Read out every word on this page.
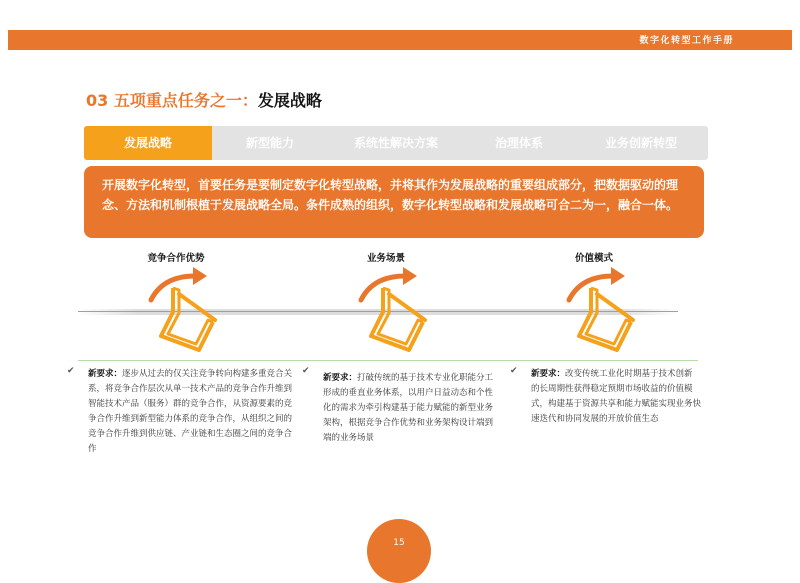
数字化转型工作手册
03 五项重点任务之一：发展战略
发展战略	新型能力	系统性解决方案	治理体系	业务创新转型
开展数字化转型，首要任务是要制定数字化转型战略，并将其作为发展战略的重要组成部分，把数据驱动的理念、方法和机制根植于发展战略全局。条件成熟的组织，数字化转型战略和发展战略可合二为一，融合一体。
竞争合作优势	业务场景	价值模式
✔ 新要求：逐步从过去的仅关注竞争转向构建多重竞合关系，将竞争合作层次从单一技术产品的竞争合作升维到智能技术产品（服务）群的竞争合作，从资源要素的竞争合作升维到新型能力体系的竞争合作，从组织之间的竞争合作升维到供应链、产业链和生态圈之间的竞争合作
✔
新要求：打破传统的基于技术专业化职能分工形成的垂直业务体系，以用户日益动态和个性化的需求为牵引构建基于能力赋能的新型业务架构，根据竞争合作优势和业务架构设计端到端的业务场景
✔ 新要求：改变传统工业化时期基于技术创新的长周期性获得稳定预期市场收益的价值模式，构建基于资源共享和能力赋能实现业务快速迭代和协同发展的开放价值生态
15
